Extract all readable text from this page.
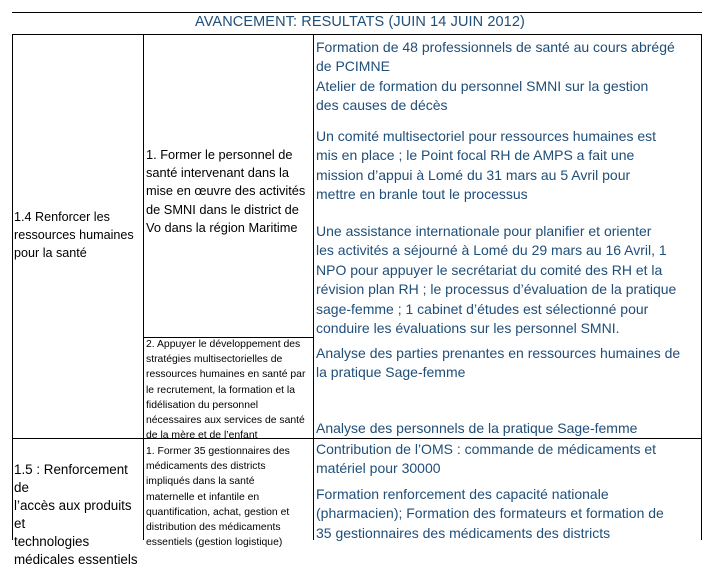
AVANCEMENT: RESULTATS (JUIN 14 JUIN 2012)
1.4 Renforcer les
ressources humaines
pour la santé
1. Former le personnel de
santé intervenant dans la
mise en œuvre des activités
de SMNI dans le district de
Vo dans la région Maritime
2. Appuyer le développement des
stratégies multisectorielles de
ressources humaines en santé par
le recrutement, la formation et la
fidélisation du personnel
nécessaires aux services de santé
de la mère et de l’enfant
Formation de 48 professionnels de santé au cours abrégé
de PCIMNE
Atelier de formation du personnel SMNI sur la gestion
des causes de décès
Un comité multisectoriel pour ressources humaines est
mis en place ; le Point focal RH de AMPS a fait une
mission d’appui à Lomé du 31 mars au 5 Avril pour
mettre en branle tout le processus
Une assistance internationale pour planifier et orienter
les activités a séjourné à Lomé du 29 mars au 16 Avril, 1
NPO pour appuyer le secrétariat du comité des RH et la
révision plan RH ; le processus d’évaluation de la pratique
sage-femme ; 1 cabinet d’études est sélectionné pour
conduire les évaluations sur les personnel SMNI.
Analyse des parties prenantes en ressources humaines de
la pratique Sage-femme
Analyse des personnels de la pratique Sage-femme
1.5 : Renforcement de
l’accès aux produits et
technologies
médicales essentiels
1. Former 35 gestionnaires des
médicaments des districts
impliqués dans la santé
maternelle et infantile en
quantification, achat, gestion et
distribution des médicaments
essentiels (gestion logistique)
Contribution de l’OMS : commande de médicaments et
matériel pour 30000
Formation renforcement des capacité nationale
(pharmacien); Formation des formateurs et formation de
35 gestionnaires des médicaments des districts
